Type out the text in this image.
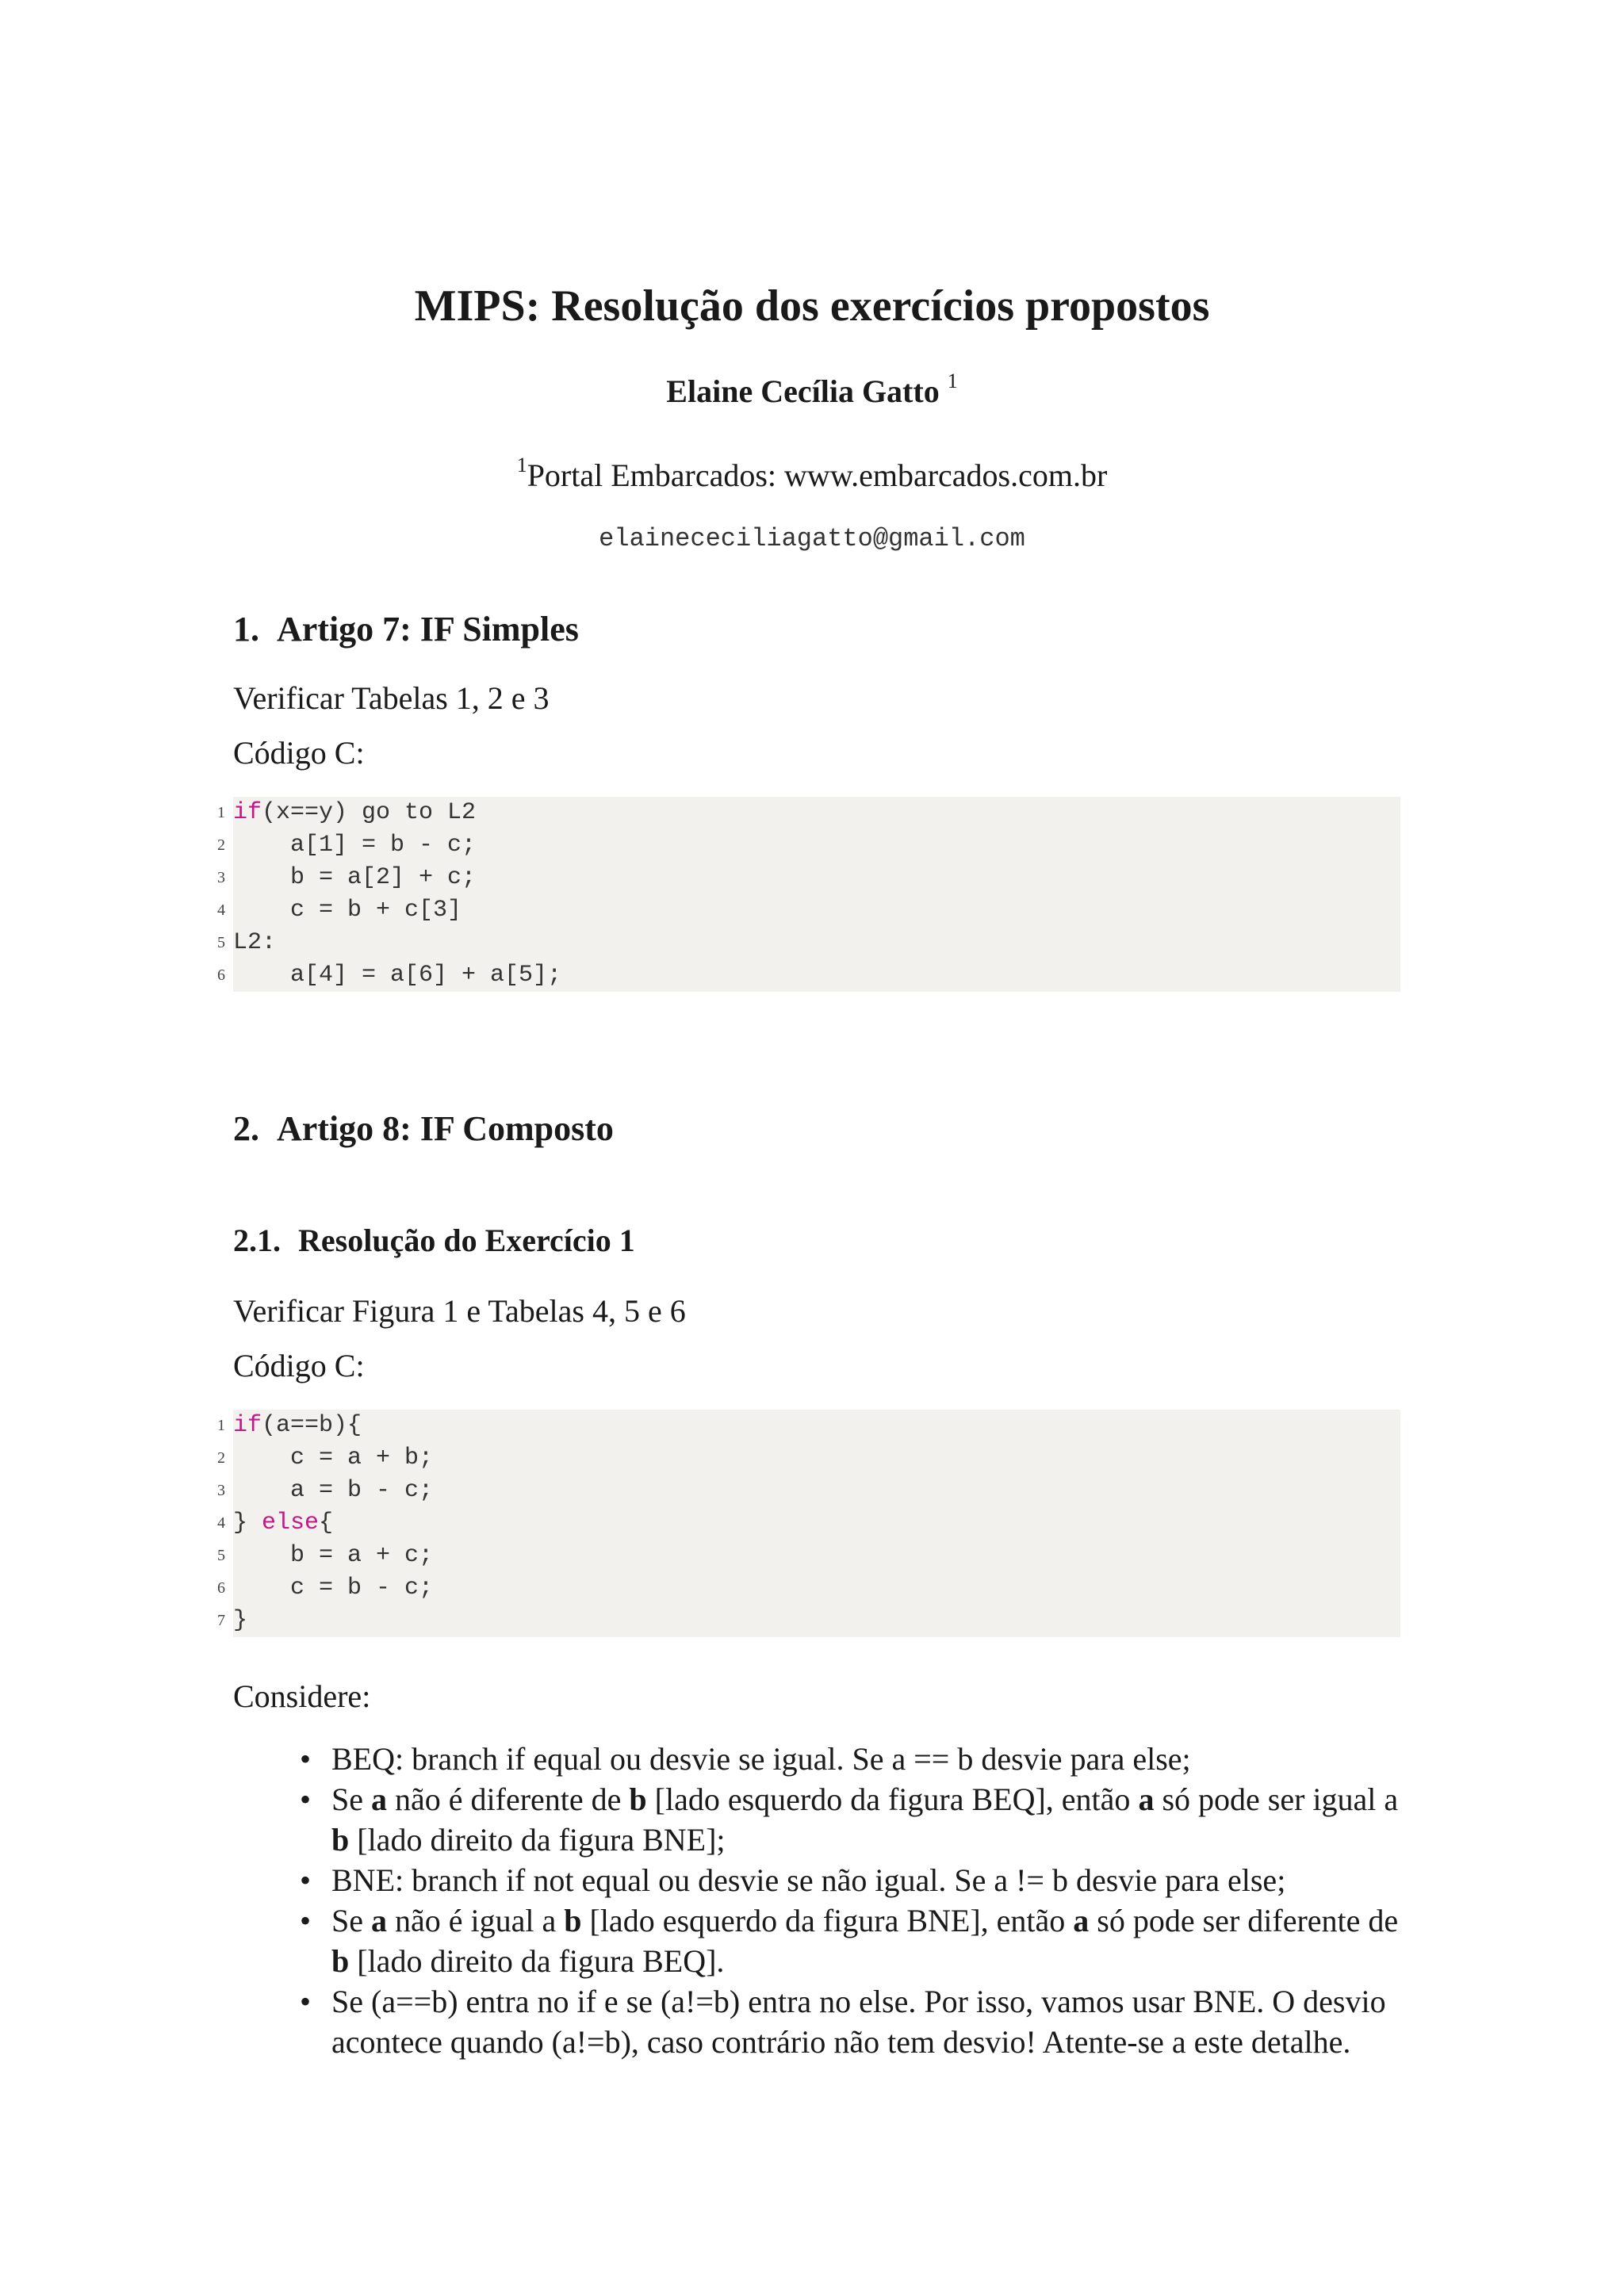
MIPS: Resolução dos exercícios propostos
Elaine Cecília Gatto $^1$
$^1$Portal Embarcados: www.embarcados.com.br
elainececiliagatto@gmail.com
1. Artigo 7: IF Simples
Verificar Tabelas 1, 2 e 3
Código C:
1 if(x==y) go to L2
2 a[1] = b - c;
3 b = a[2] + c;
4 c = b + c[3]
5 L2:
6 a[4] = a[6] + a[5];
2. Artigo 8: IF Composto
2.1. Resolução do Exercício 1
Verificar Figura 1 e Tabelas 4, 5 e 6
Código C:
1 if(a==b){
2 c = a + b;
3 a = b - c;
4 } else{
5 b = a + c;
6 c = b - c;
7 }
Considere:
• BEQ: branch if equal ou desvie se igual. Se a == b desvie para else;
• Se a não é diferente de b [lado esquerdo da figura BEQ], então a só pode ser igual a b [lado direito da figura BNE];
• BNE: branch if not equal ou desvie se não igual. Se a != b desvie para else;
• Se a não é igual a b [lado esquerdo da figura BNE], então a só pode ser diferente de b [lado direito da figura BEQ].
• Se (a==b) entra no if e se (a!=b) entra no else. Por isso, vamos usar BNE. O desvio acontece quando (a!=b), caso contrário não tem desvio! Atente-se a este detalhe.
